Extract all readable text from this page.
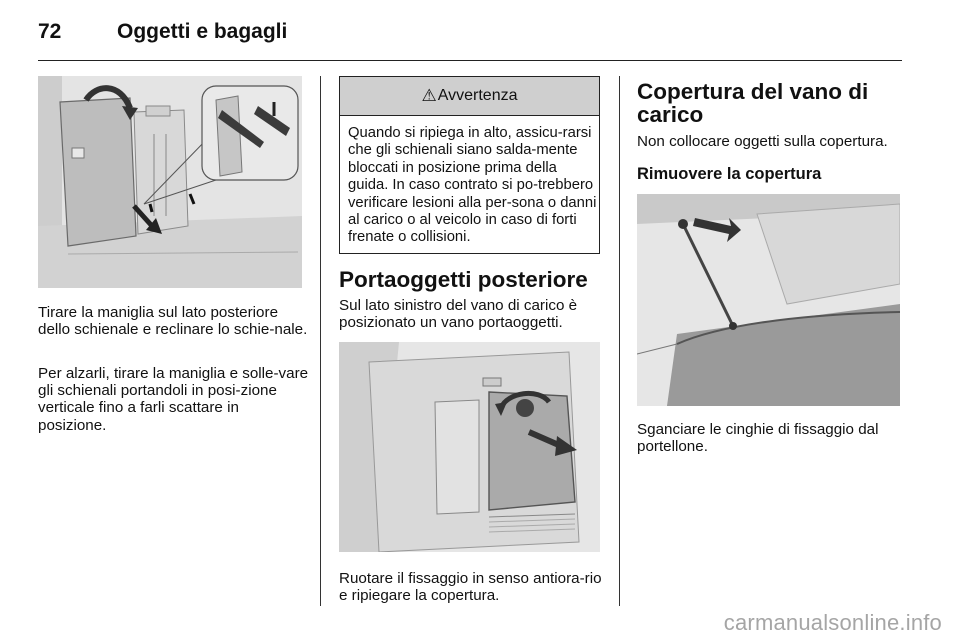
72	Oggetti e bagagli

Tirare la maniglia sul lato posteriore dello schienale e reclinare lo schie-nale.

Per alzarli, tirare la maniglia e solle-vare gli schienali portandoli in posi-zione verticale fino a farli scattare in posizione.

⚠ Avvertenza

Quando si ripiega in alto, assicu-rarsi che gli schienali siano salda-mente bloccati in posizione prima della guida. In caso contrato si po-trebbero verificare lesioni alla per-sona o danni al carico o al veicolo in caso di forti frenate o collisioni.

Portaoggetti posteriore

Sul lato sinistro del vano di carico è posizionato un vano portaoggetti.

Ruotare il fissaggio in senso antiora-rio e ripiegare la copertura.

Copertura del vano di carico

Non collocare oggetti sulla copertura.

Rimuovere la copertura

Sganciare le cinghie di fissaggio dal portellone.

carmanualsonline.info
